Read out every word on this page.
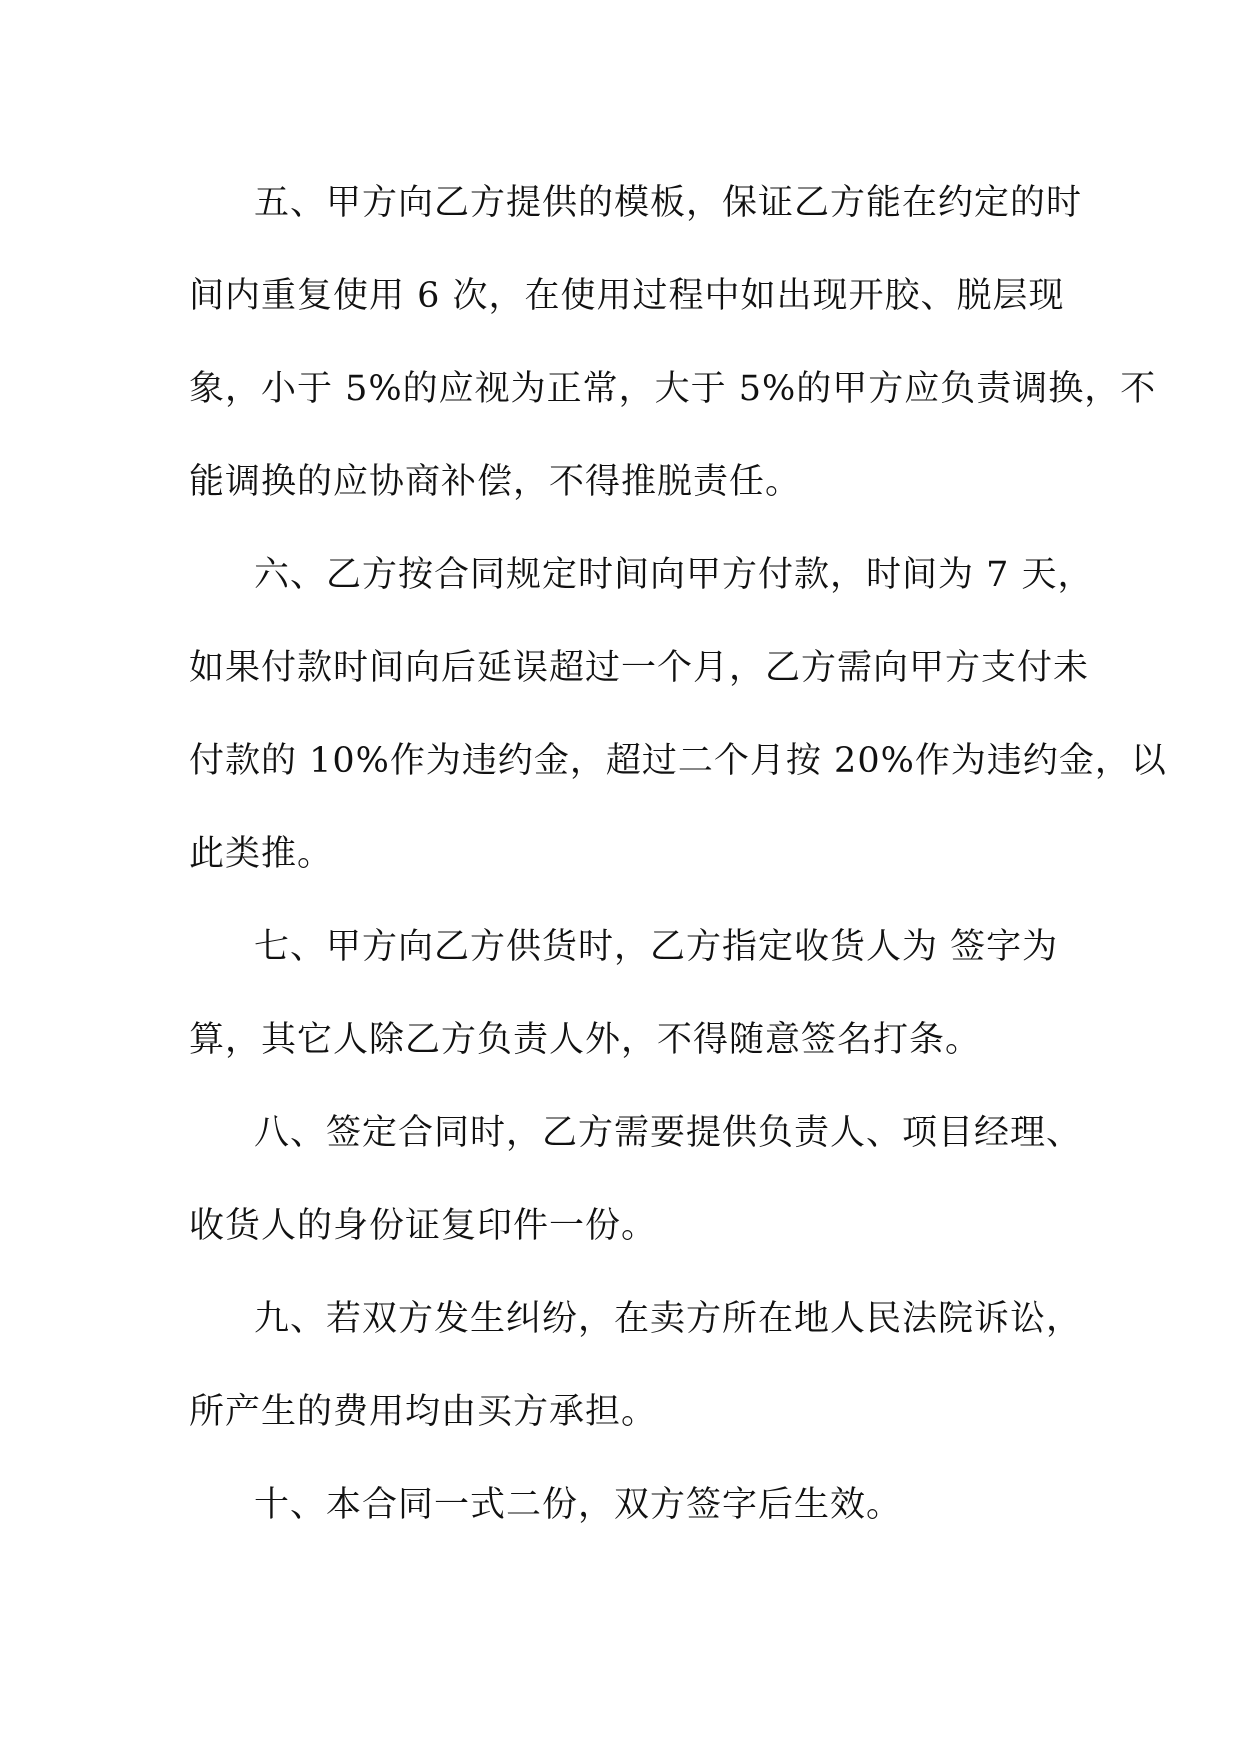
五、甲方向乙方提供的模板，保证乙方能在约定的时
间内重复使用 6 次，在使用过程中如出现开胶、脱层现
象，小于 5%的应视为正常，大于 5%的甲方应负责调换，不
能调换的应协商补偿，不得推脱责任。
六、乙方按合同规定时间向甲方付款，时间为 7 天，
如果付款时间向后延误超过一个月，乙方需向甲方支付未
付款的 10%作为违约金，超过二个月按 20%作为违约金，以
此类推。
七、甲方向乙方供货时，乙方指定收货人为 签字为
算，其它人除乙方负责人外，不得随意签名打条。
八、签定合同时，乙方需要提供负责人、项目经理、
收货人的身份证复印件一份。
九、若双方发生纠纷，在卖方所在地人民法院诉讼，
所产生的费用均由买方承担。
十、本合同一式二份，双方签字后生效。
